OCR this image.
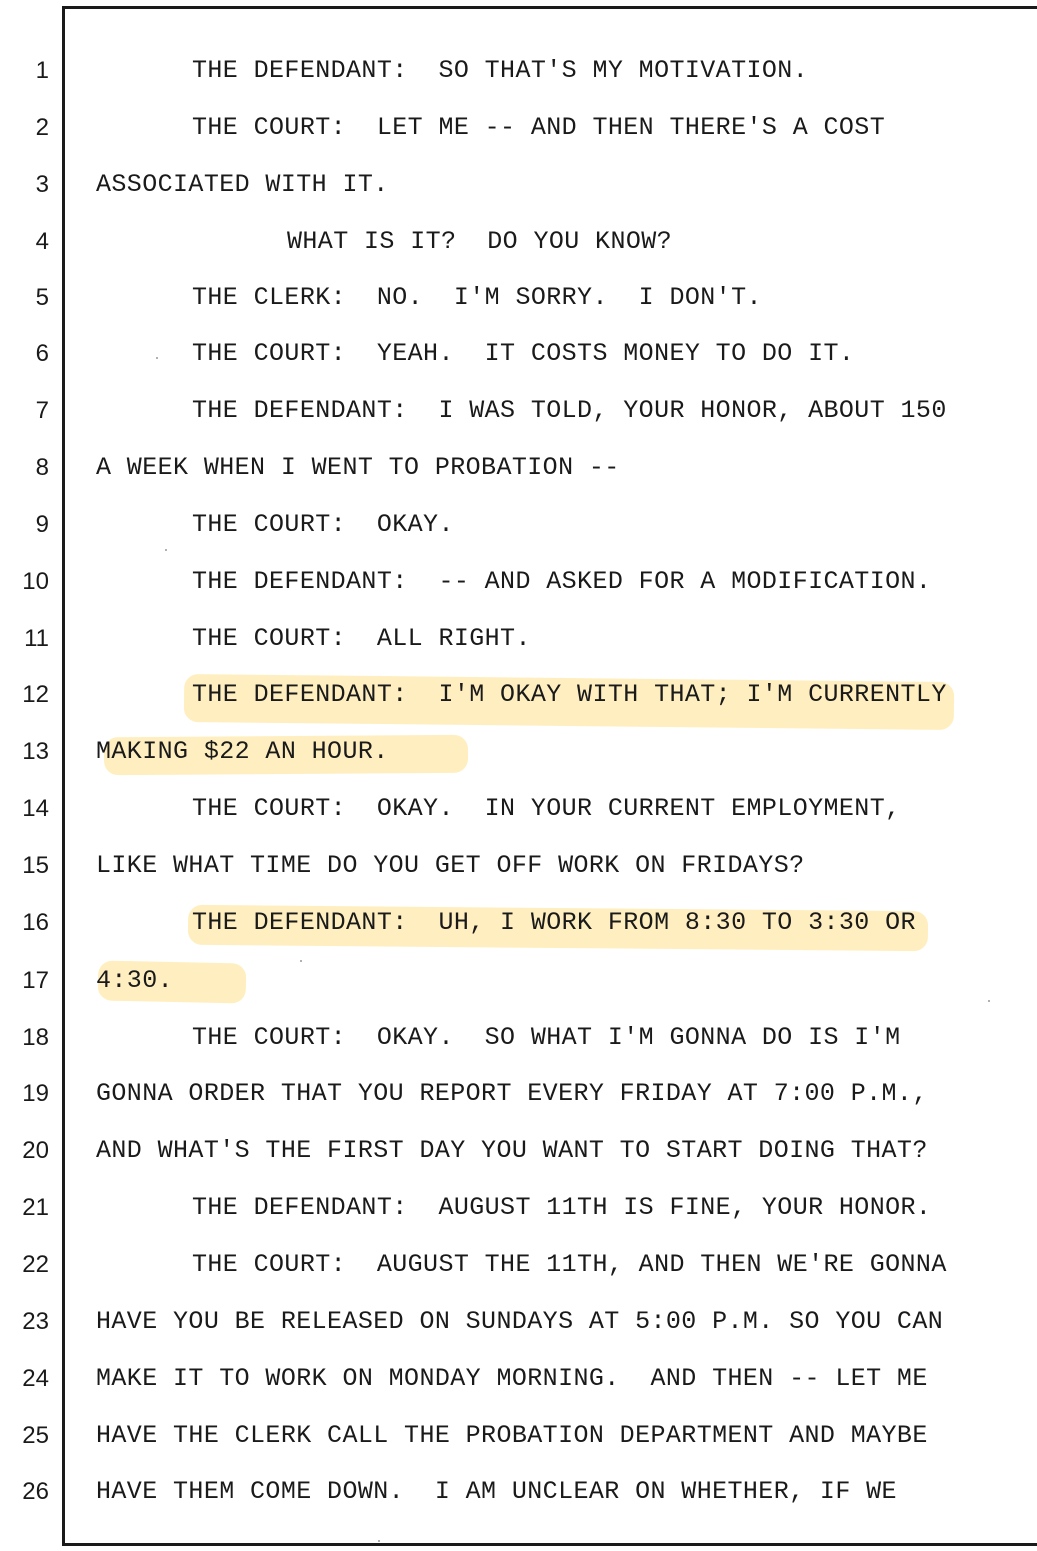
1	THE DEFENDANT:  SO THAT'S MY MOTIVATION.
2	THE COURT:  LET ME -- AND THEN THERE'S A COST
3 ASSOCIATED WITH IT.
4	WHAT IS IT?  DO YOU KNOW?
5	THE CLERK:  NO.  I'M SORRY.  I DON'T.
6	THE COURT:  YEAH.  IT COSTS MONEY TO DO IT.
7	THE DEFENDANT:  I WAS TOLD, YOUR HONOR, ABOUT 150
8 A WEEK WHEN I WENT TO PROBATION --
9	THE COURT:  OKAY.
10	THE DEFENDANT:  -- AND ASKED FOR A MODIFICATION.
11	THE COURT:  ALL RIGHT.
12	THE DEFENDANT:  I'M OKAY WITH THAT; I'M CURRENTLY
13 MAKING $22 AN HOUR.
14	THE COURT:  OKAY.  IN YOUR CURRENT EMPLOYMENT,
15 LIKE WHAT TIME DO YOU GET OFF WORK ON FRIDAYS?
16	THE DEFENDANT:  UH, I WORK FROM 8:30 TO 3:30 OR
17 4:30.
18	THE COURT:  OKAY.  SO WHAT I'M GONNA DO IS I'M
19 GONNA ORDER THAT YOU REPORT EVERY FRIDAY AT 7:00 P.M.,
20 AND WHAT'S THE FIRST DAY YOU WANT TO START DOING THAT?
21	THE DEFENDANT:  AUGUST 11TH IS FINE, YOUR HONOR.
22	THE COURT:  AUGUST THE 11TH, AND THEN WE'RE GONNA
23 HAVE YOU BE RELEASED ON SUNDAYS AT 5:00 P.M. SO YOU CAN
24 MAKE IT TO WORK ON MONDAY MORNING.  AND THEN -- LET ME
25 HAVE THE CLERK CALL THE PROBATION DEPARTMENT AND MAYBE
26 HAVE THEM COME DOWN.  I AM UNCLEAR ON WHETHER, IF WE
